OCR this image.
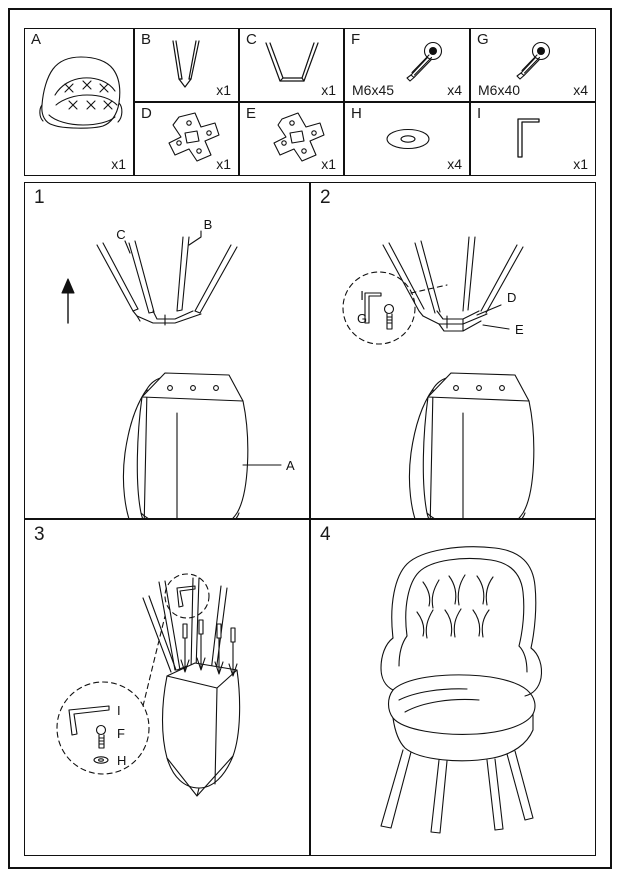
A
x1
B
x1
C
x1
F
M6x45	x4
G
M6x40	x4
D
x1
E
x1
H
x4
I
x1
1
C
B
A
2
I
G
D
E
3
I
F
H
4
